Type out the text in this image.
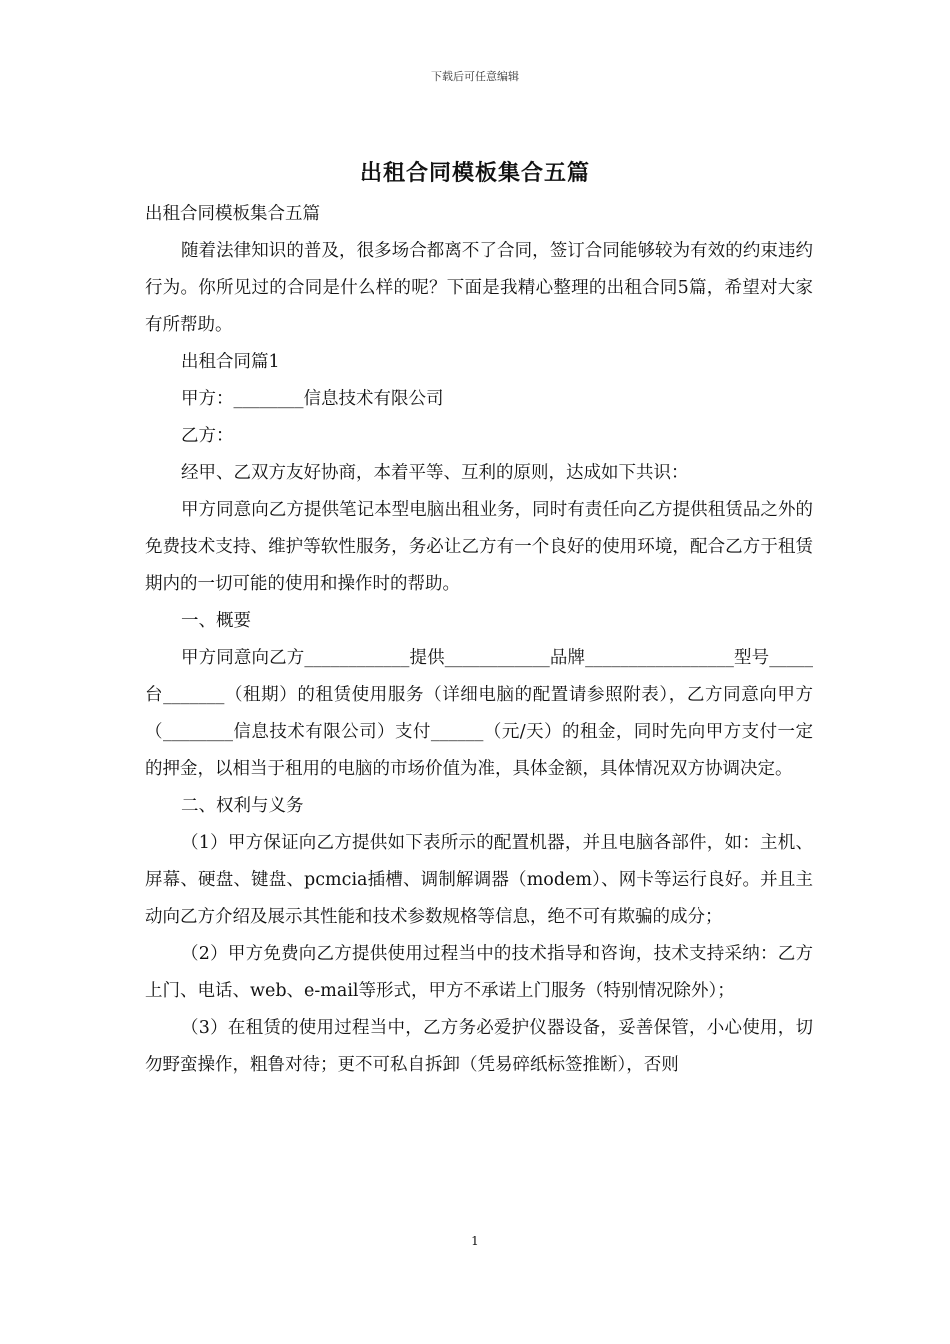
下载后可任意编辑
出租合同模板集合五篇

出租合同模板集合五篇

随着法律知识的普及，很多场合都离不了合同，签订合同能够较为有效的约束违约行为。你所见过的合同是什么样的呢？下面是我精心整理的出租合同5篇，希望对大家有所帮助。

出租合同篇1

甲方：________信息技术有限公司

乙方：

经甲、乙双方友好协商，本着平等、互利的原则，达成如下共识：

甲方同意向乙方提供笔记本型电脑出租业务，同时有责任向乙方提供租赁品之外的免费技术支持、维护等软性服务，务必让乙方有一个良好的使用环境，配合乙方于租赁期内的一切可能的使用和操作时的帮助。

一、概要

甲方同意向乙方____________提供____________品牌_________________型号_____台_______（租期）的租赁使用服务（详细电脑的配置请参照附表），乙方同意向甲方（________信息技术有限公司）支付______（元/天）的租金，同时先向甲方支付一定的押金，以相当于租用的电脑的市场价值为准，具体金额，具体情况双方协调决定。

二、权利与义务

（1）甲方保证向乙方提供如下表所示的配置机器，并且电脑各部件，如：主机、屏幕、硬盘、键盘、pcmcia插槽、调制解调器（modem）、网卡等运行良好。并且主动向乙方介绍及展示其性能和技术参数规格等信息，绝不可有欺骗的成分；

（2）甲方免费向乙方提供使用过程当中的技术指导和咨询，技术支持采纳：乙方上门、电话、web、e-mail等形式，甲方不承诺上门服务（特别情况除外）；

（3）在租赁的使用过程当中，乙方务必爱护仪器设备，妥善保管，小心使用，切勿野蛮操作，粗鲁对待；更不可私自拆卸（凭易碎纸标签推断），否则

1
